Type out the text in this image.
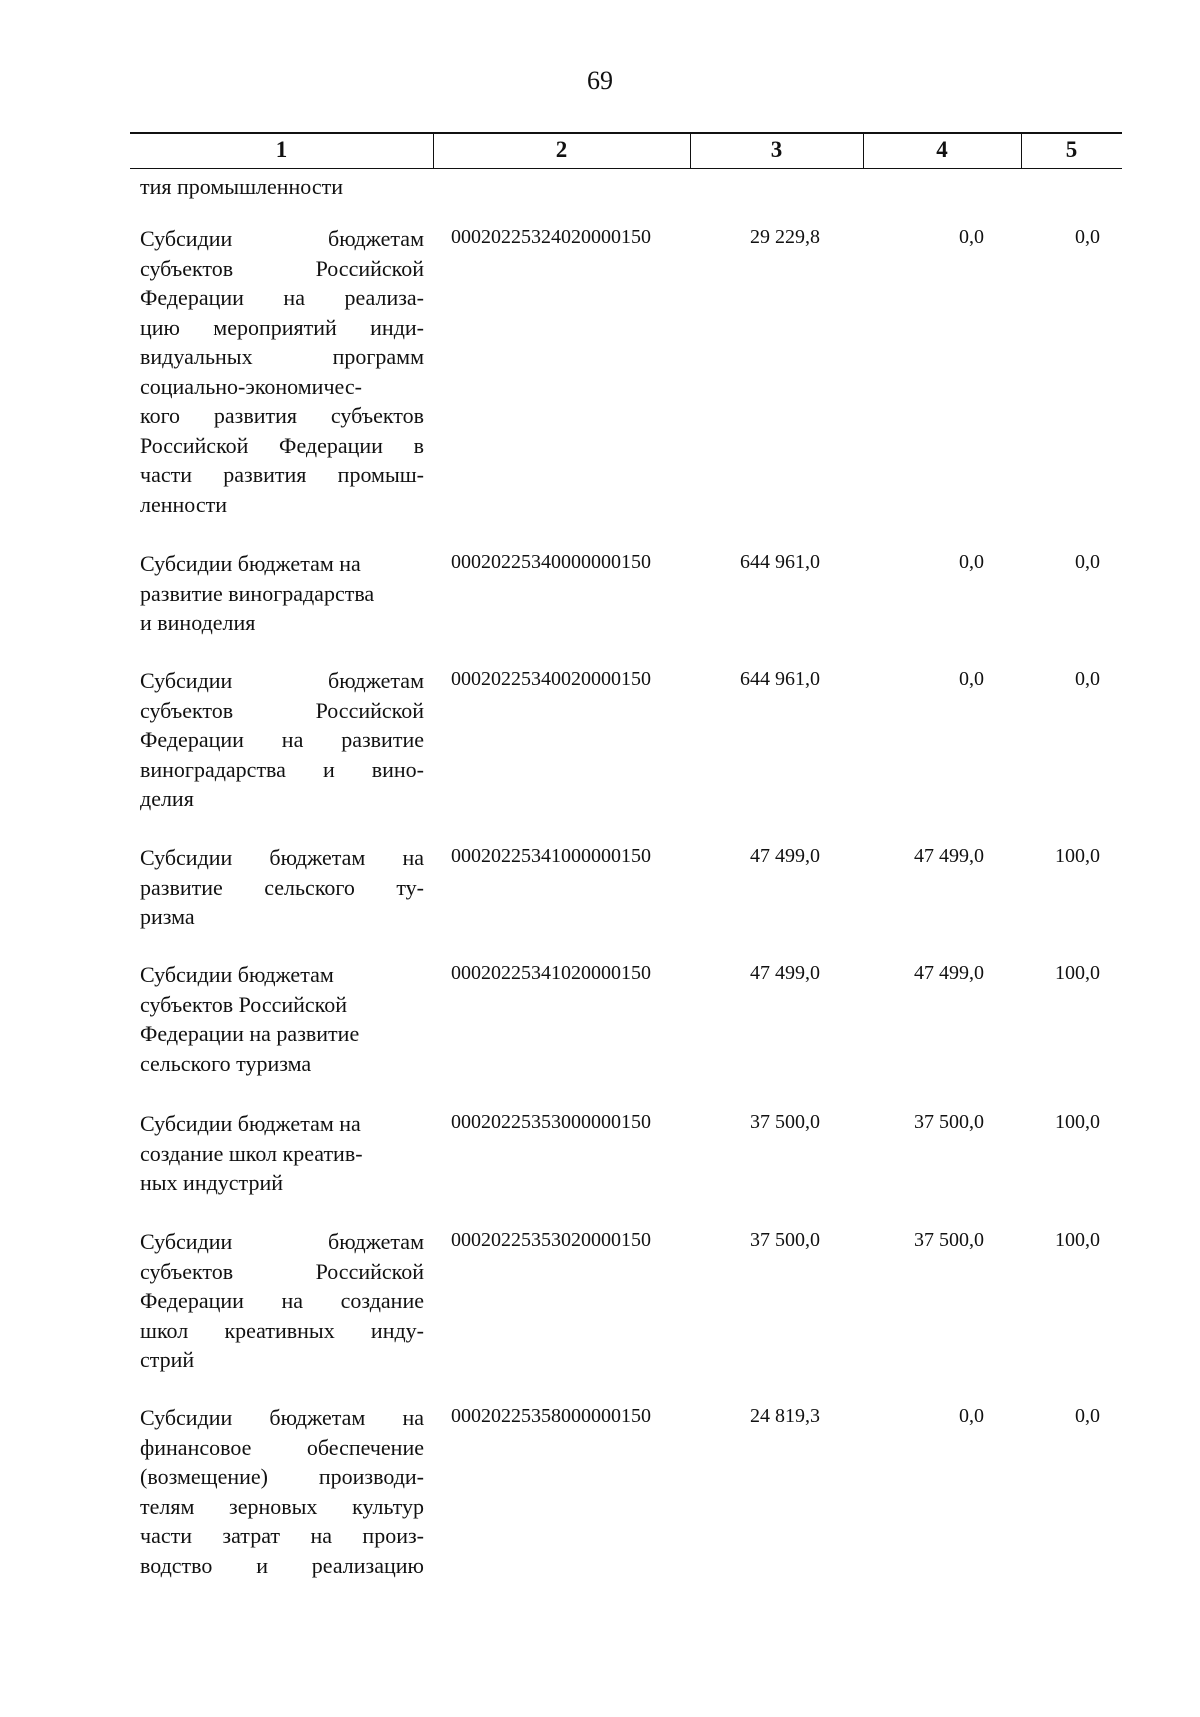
69
1	2	3	4	5
тия промышленности
Субсидии бюджетам
субъектов Российской
Федерации на реализа-
цию мероприятий инди-
видуальных программ
социально-экономичес-
кого развития субъектов
Российской Федерации в
части развития промыш-
ленности
00020225324020000150	29 229,8	0,0	0,0
Субсидии бюджетам на
развитие виноградарства
и виноделия
00020225340000000150	644 961,0	0,0	0,0
Субсидии бюджетам
субъектов Российской
Федерации на развитие
виноградарства и вино-
делия
00020225340020000150	644 961,0	0,0	0,0
Субсидии бюджетам на
развитие сельского ту-
ризма
00020225341000000150	47 499,0	47 499,0	100,0
Субсидии бюджетам
субъектов Российской
Федерации на развитие
сельского туризма
00020225341020000150	47 499,0	47 499,0	100,0
Субсидии бюджетам на
создание школ креатив-
ных индустрий
00020225353000000150	37 500,0	37 500,0	100,0
Субсидии бюджетам
субъектов Российской
Федерации на создание
школ креативных инду-
стрий
00020225353020000150	37 500,0	37 500,0	100,0
Субсидии бюджетам на
финансовое обеспечение
(возмещение) производи-
телям зерновых культур
части затрат на произ-
водство и реализацию
00020225358000000150	24 819,3	0,0	0,0
